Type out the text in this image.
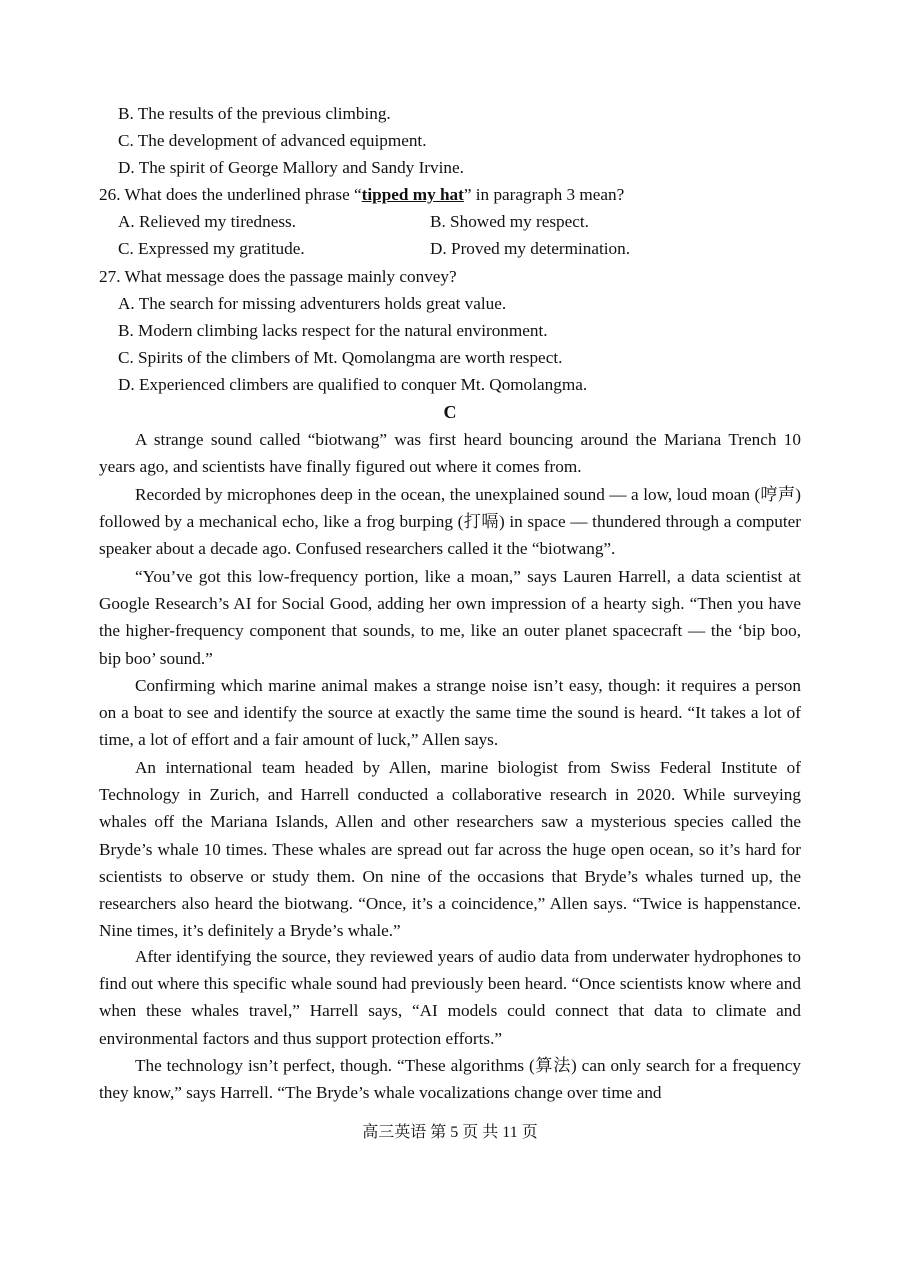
B. The results of the previous climbing.
C. The development of advanced equipment.
D. The spirit of George Mallory and Sandy Irvine.
26. What does the underlined phrase “tipped my hat” in paragraph 3 mean?
A. Relieved my tiredness.	B. Showed my respect.
C. Expressed my gratitude.	D. Proved my determination.
27. What message does the passage mainly convey?
A. The search for missing adventurers holds great value.
B. Modern climbing lacks respect for the natural environment.
C. Spirits of the climbers of Mt. Qomolangma are worth respect.
D. Experienced climbers are qualified to conquer Mt. Qomolangma.
C

A strange sound called “biotwang” was first heard bouncing around the Mariana Trench 10 years ago, and scientists have finally figured out where it comes from.

Recorded by microphones deep in the ocean, the unexplained sound — a low, loud moan (哼声) followed by a mechanical echo, like a frog burping (打嗝) in space — thundered through a computer speaker about a decade ago. Confused researchers called it the “biotwang”.

“You’ve got this low-frequency portion, like a moan,” says Lauren Harrell, a data scientist at Google Research’s AI for Social Good, adding her own impression of a hearty sigh. “Then you have the higher-frequency component that sounds, to me, like an outer planet spacecraft — the ‘bip boo, bip boo’ sound.”

Confirming which marine animal makes a strange noise isn’t easy, though: it requires a person on a boat to see and identify the source at exactly the same time the sound is heard. “It takes a lot of time, a lot of effort and a fair amount of luck,” Allen says.

An international team headed by Allen, marine biologist from Swiss Federal Institute of Technology in Zurich, and Harrell conducted a collaborative research in 2020. While surveying whales off the Mariana Islands, Allen and other researchers saw a mysterious species called the Bryde’s whale 10 times. These whales are spread out far across the huge open ocean, so it’s hard for scientists to observe or study them. On nine of the occasions that Bryde’s whales turned up, the researchers also heard the biotwang. “Once, it’s a coincidence,” Allen says. “Twice is happenstance. Nine times, it’s definitely a Bryde’s whale.”

After identifying the source, they reviewed years of audio data from underwater hydrophones to find out where this specific whale sound had previously been heard. “Once scientists know where and when these whales travel,” Harrell says, “AI models could connect that data to climate and environmental factors and thus support protection efforts.”

The technology isn’t perfect, though. “These algorithms (算法) can only search for a frequency they know,” says Harrell. “The Bryde’s whale vocalizations change over time and

高三英语 第 5 页 共 11 页
